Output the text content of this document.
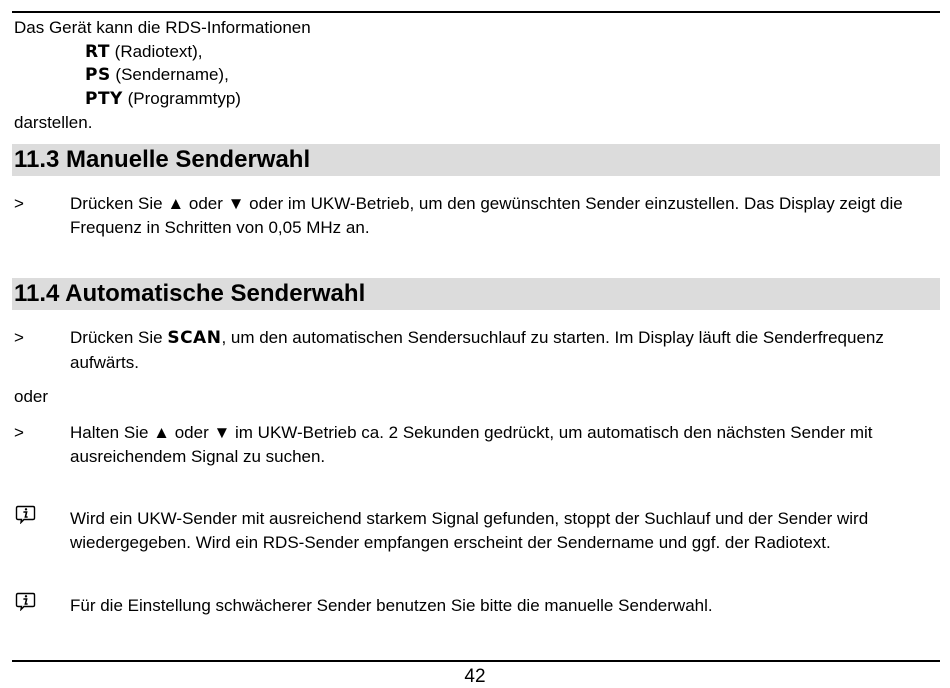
Das Gerät kann die RDS-Informationen
RT (Radiotext),
PS (Sendername),
PTY (Programmtyp)
darstellen.
11.3 Manuelle Senderwahl
>	Drücken Sie ▲ oder ▼ oder im UKW-Betrieb, um den gewünschten Sender einzustellen. Das Display zeigt die Frequenz in Schritten von 0,05 MHz an.
11.4 Automatische Senderwahl
>	Drücken Sie SCAN, um den automatischen Sendersuchlauf zu starten. Im Display läuft die Senderfrequenz aufwärts.
oder
>	Halten Sie ▲ oder ▼ im UKW-Betrieb ca. 2 Sekunden gedrückt, um automatisch den nächsten Sender mit ausreichendem Signal zu suchen.
Wird ein UKW-Sender mit ausreichend starkem Signal gefunden, stoppt der Suchlauf und der Sender wird wiedergegeben. Wird ein RDS-Sender empfangen erscheint der Sendername und ggf. der Radiotext.
Für die Einstellung schwächerer Sender benutzen Sie bitte die manuelle Senderwahl.
42
